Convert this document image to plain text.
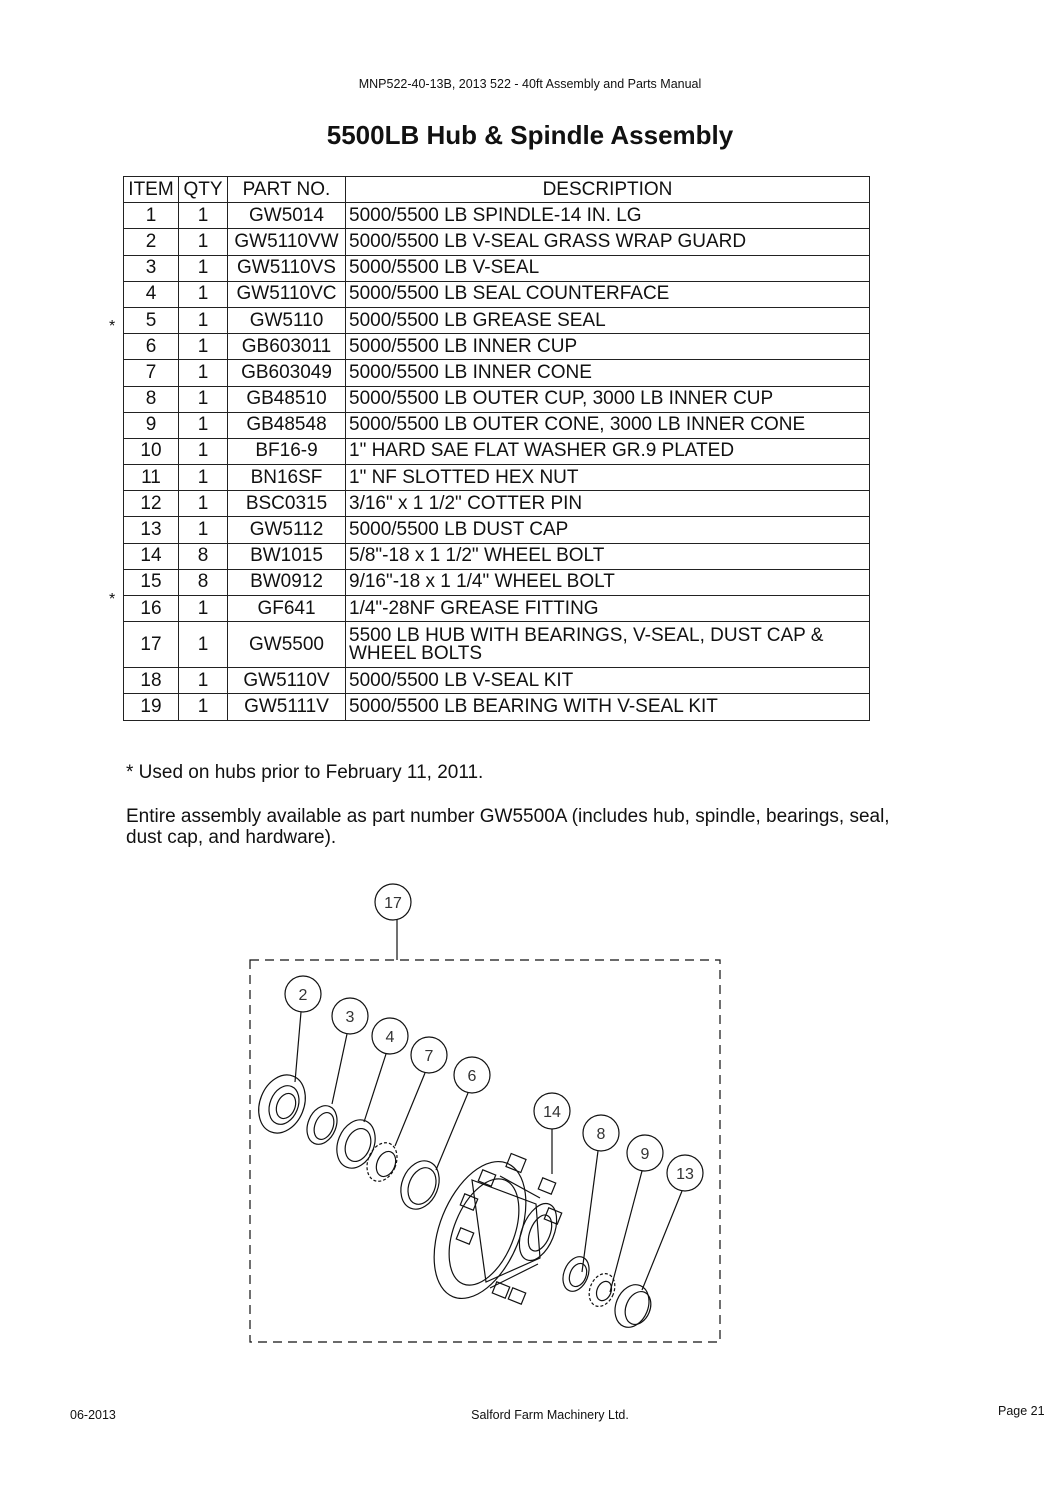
MNP522-40-13B, 2013 522 - 40ft Assembly and Parts Manual
5500LB Hub & Spindle Assembly
ITEM	QTY	PART NO.	DESCRIPTION
1	1	GW5014	5000/5500 LB SPINDLE-14 IN. LG
2	1	GW5110VW	5000/5500 LB V-SEAL GRASS WRAP GUARD
3	1	GW5110VS	5000/5500 LB V-SEAL
4	1	GW5110VC	5000/5500 LB SEAL COUNTERFACE
5	1	GW5110	5000/5500 LB GREASE SEAL
6	1	GB603011	5000/5500 LB INNER CUP
7	1	GB603049	5000/5500 LB INNER CONE
8	1	GB48510	5000/5500 LB OUTER CUP, 3000 LB INNER CUP
9	1	GB48548	5000/5500 LB OUTER CONE, 3000 LB INNER CONE
10	1	BF16-9	1" HARD SAE FLAT WASHER GR.9 PLATED
11	1	BN16SF	1" NF SLOTTED HEX NUT
12	1	BSC0315	3/16" x 1 1/2" COTTER PIN
13	1	GW5112	5000/5500 LB DUST CAP
14	8	BW1015	5/8"-18 x 1 1/2" WHEEL BOLT
15	8	BW0912	9/16"-18 x 1 1/4" WHEEL BOLT
16	1	GF641	1/4"-28NF GREASE FITTING
17	1	GW5500	5500 LB HUB WITH BEARINGS, V-SEAL, DUST CAP & WHEEL BOLTS
18	1	GW5110V	5000/5500 LB V-SEAL KIT
19	1	GW5111V	5000/5500 LB BEARING WITH V-SEAL KIT
*
*
* Used on hubs prior to February 11, 2011.
Entire assembly available as part number GW5500A (includes hub, spindle, bearings, seal, dust cap, and hardware).
17
2
3
4
7
6
14
8
9
13
06-2013	Salford Farm Machinery Ltd.	Page 21
